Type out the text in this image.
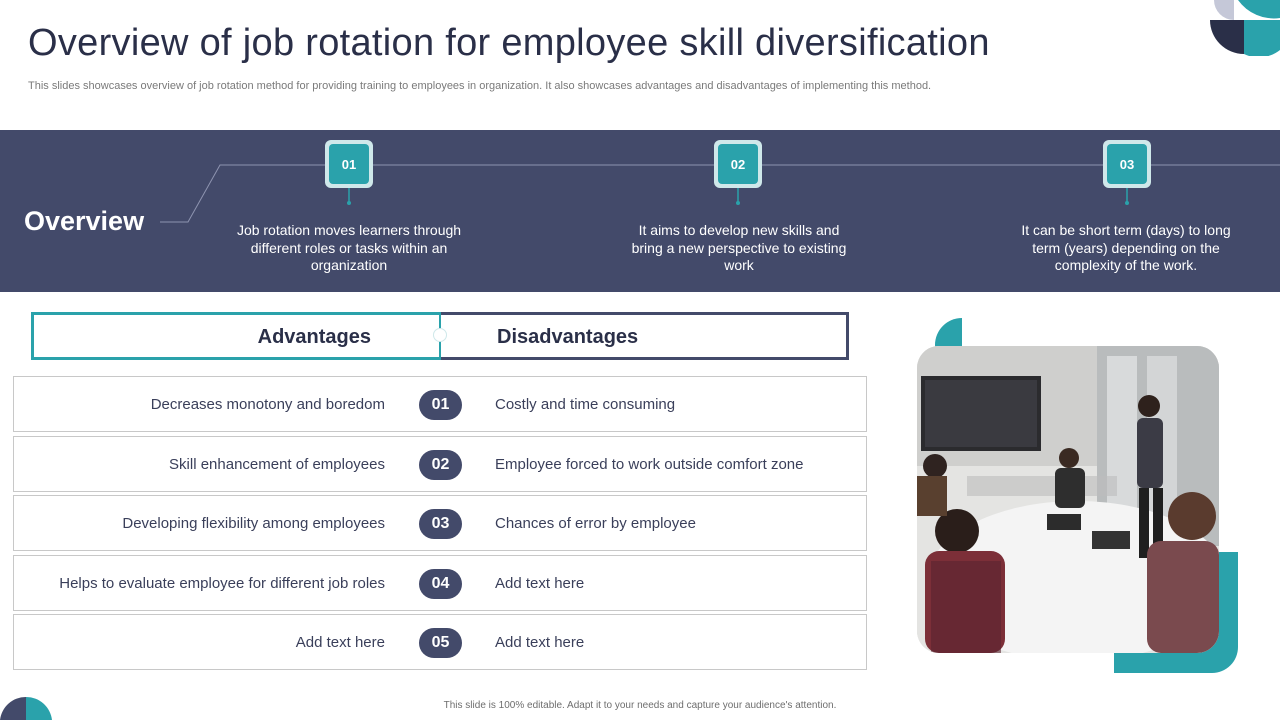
Overview of job rotation for employee skill diversification
This slides showcases overview of job rotation method for providing training to employees in organization. It also showcases advantages and disadvantages of implementing this method.
Overview
01	02	03
Job rotation moves learners through different roles or tasks within an organization
It aims to develop new skills and bring a new perspective to existing work
It can be short term (days) to long term (years) depending on the complexity of the work.
Advantages	Disadvantages
Decreases monotony and boredom	01	Costly and time consuming
Skill enhancement of employees	02	Employee forced to work outside comfort zone
Developing flexibility among employees	03	Chances of error by employee
Helps to evaluate employee for different job roles	04	Add text here
Add text here	05	Add text here
This slide is 100% editable. Adapt it to your needs and capture your audience's attention.
